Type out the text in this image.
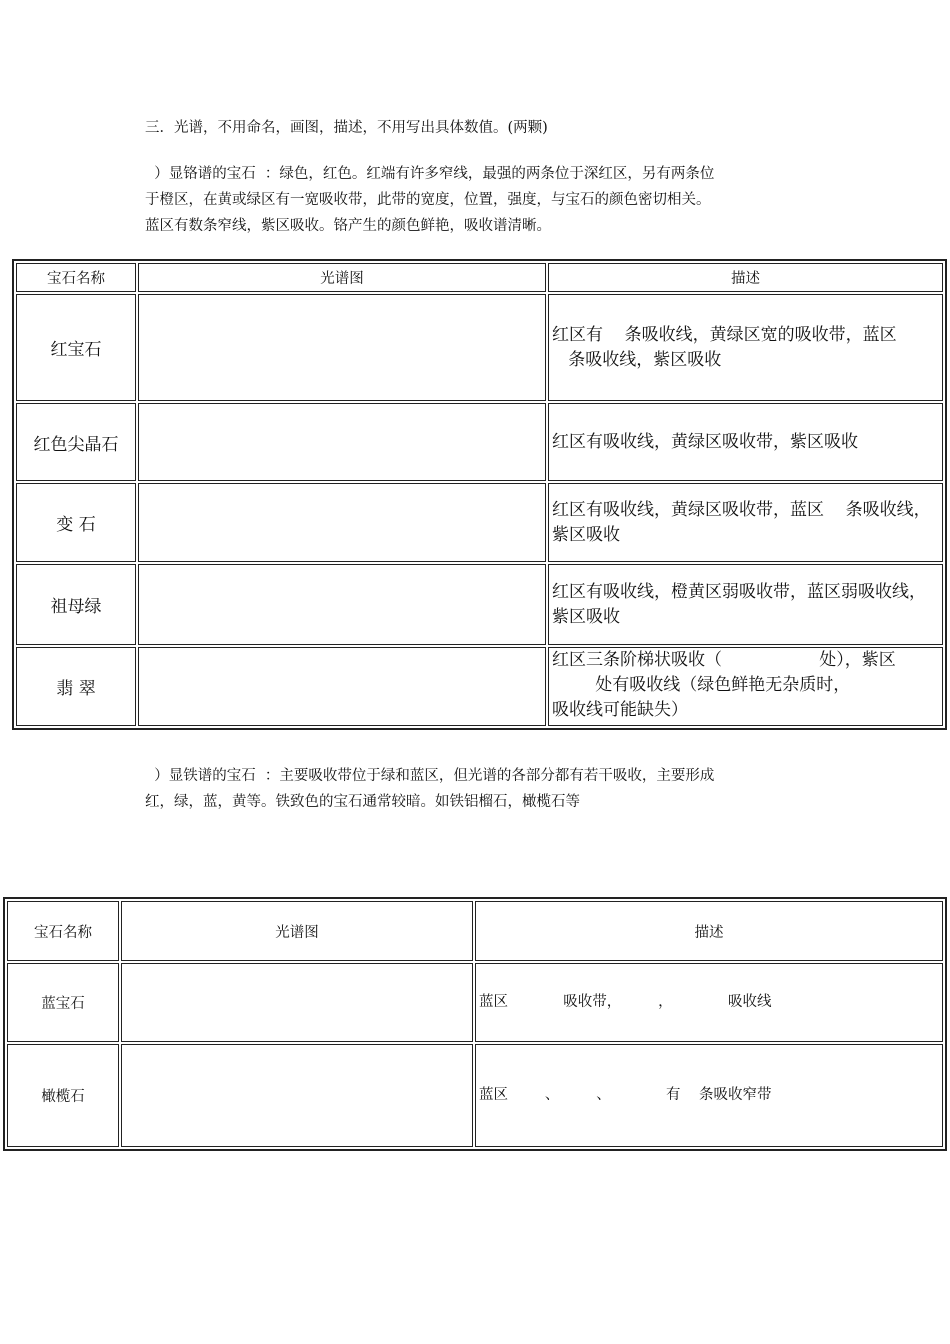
三．光谱，不用命名，画图，描述，不用写出具体数值。(两颗)

）显铬谱的宝石  ：绿色，红色。红端有许多窄线，最强的两条位于深红区，另有两条位

于橙区，在黄或绿区有一宽吸收带，此带的宽度，位置，强度，与宝石的颜色密切相关。

蓝区有数条窄线，紫区吸收。铬产生的颜色鲜艳，吸收谱清晰。

宝石名称	光谱图	描述
红宝石		红区有    条吸收线，黄绿区宽的吸收带，蓝区
条吸收线，紫区吸收
红色尖晶石		红区有吸收线，黄绿区吸收带，紫区吸收
变 石		红区有吸收线，黄绿区吸收带，蓝区    条吸收线，紫区吸收
祖母绿		红区有吸收线，橙黄区弱吸收带，蓝区弱吸收线，紫区吸收
翡 翠		红区三条阶梯状吸收（                  处），紫区
处有吸收线（绿色鲜艳无杂质时，
吸收线可能缺失）

）显铁谱的宝石  ：主要吸收带位于绿和蓝区，但光谱的各部分都有若干吸收，主要形成

红，绿，蓝，黄等。铁致色的宝石通常较暗。如铁铝榴石，橄榄石等

宝石名称	光谱图	描述
蓝宝石		蓝区            吸收带，        ，            吸收线
橄榄石		蓝区        、        、            有    条吸收窄带
